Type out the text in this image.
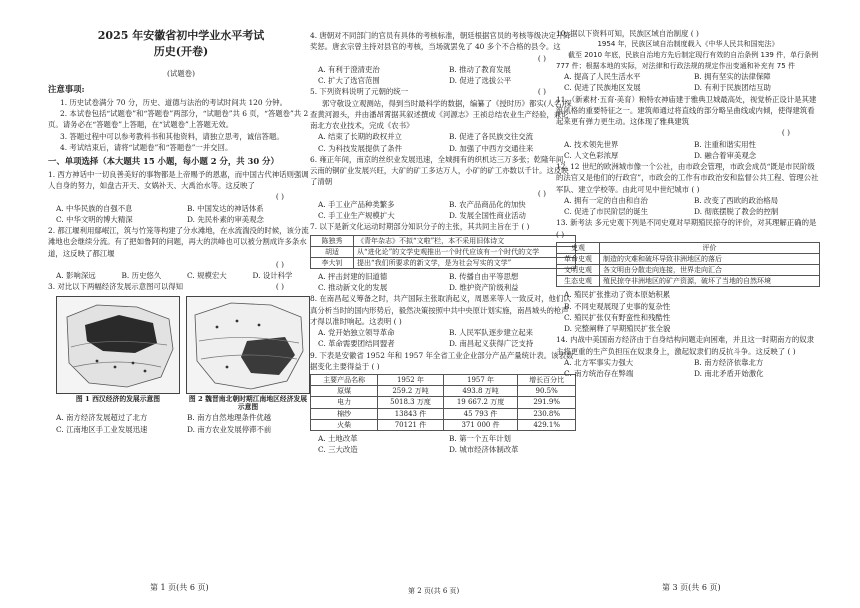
2025 年安徽省初中学业水平考试
历史(开卷)
(试题卷)
注意事项:

1. 历史试卷满分 70 分，历史、道德与法治的考试时间共 120 分钟。

2. 本试卷包括“试题卷”和“答题卷”两部分，“试题卷”共 6 页，“答题卷”共 2 页。请务必在“答题卷”上答题，在“试题卷”上答题无效。

3. 答题过程中可以参考教科书和其他资料，请独立思考，诚信答题。

4. 考试结束后，请将“试题卷”和“答题卷”一并交回。

一、单项选择（本大题共 15 小题，每小题 2 分，共 30 分）

1. 西方神话中一切良善美好的事物都是上帝赐予的恩惠，而中国古代神话则强调人自身的努力，如盘古开天、女娲补天、大禹治水等。这反映了

( )

A. 中华民族的自强不息	B. 中国发达的神话体系
C. 中华文明的博大精深	D. 先民朴素的审美观念

2. 都江堰利用鄢岷江，筑与竹笼等构建了分水滩地，在水流湍没的时候，该分流滩地也会继续分流。有了把如鲁阿的问题，再大的洪峰也可以被分割成许多条水道，这反映了都江堰

( )

A. 影响深远	B. 历史悠久	C. 规模宏大	D. 设计科学

3. 对比以下两幅经济发展示意图可以得知	( )

图 1 西汉经济的发展示意图	图 2 魏晋南北朝时期江南地区经济发展示意图
A. 南方经济发展超过了北方	B. 南方自然地理条件优越
C. 江南地区手工业发展迅速	D. 南方农业发展停滞不前
第 1 页(共 6 页)

4. 唐朝对不同部门的官员有具体的考核标准，朝廷根据官员的考核等级决定升降奖惩。唐玄宗曾主持对县官的考核，当场就罢免了 40 多个不合格的县令。这

( )

A. 有利于澄清吏治	B. 推动了教育发展
C. 扩大了选官范围	D. 促进了选拔公平

5. 下列资料说明了元朝的统一	( )

郭守敬设立观测站，得到当时最科学的数据，编纂了《授时历》都实(人名)探查黄河源头，并由潘昂霄据其叙述撰成《河源志》王祯总结农业生产经验，兼论南北方农业技术，完成《农书》

A. 结束了长期的政权并立	B. 促进了各民族交往交流
C. 为科技发展提供了条件	D. 加强了中西方交通往来

6. 雍正年间，南京的丝织业发展迅速，全城拥有的织机达三万多张；乾隆年间，云南的铜矿业发展兴旺，大矿的矿工多达万人，小矿的矿工亦数以千计。这反映了清朝

( )

A. 手工业产品种类繁多	B. 农产品商品化的加快
C. 手工业生产规模扩大	D. 发展全国性商业活动

7. 以下是新文化运动时期部分知识分子的主张，其共同主旨在于 ( )

陈独秀	《青年杂志》不拟“文啦”栏，本不采用旧体诗文
胡适	从“进化论”的文学史观推出一个时代应该有一个时代的文学
李大钊	提出“我们所要求的新文学，是为社会写实的文学”
A. 抨击封建的旧道德	B. 传播自由平等思想
C. 推动新文化的发展	D. 维护资产阶级利益

8. 在南昌起义筹备之时，共产国际主张取消起义，周恩来等人一致反对，他们认真分析当时的国内形势后，毅然决策按照中共中央原计划实施，南昌城头的枪声才得以准时响起。这表明 ( )

A. 党开始独立领导革命	B. 人民军队逐步建立起来
C. 革命需要团结同盟者	D. 南昌起义获得广泛支持

9. 下表是安徽省 1952 年和 1957 年全省工业企业部分产品产量统计表。该表数据变化主要得益于 ( )

主要产品名称	1952 年	1957 年	增长百分比
原煤	259.2 万吨	493.8 万吨	90.5%
电力	5018.3 万度	19 667.2 万度	291.9%
棉纱	13843 件	45 793 件	230.8%
火柴	70121 件	371 000 件	429.1%
A. 土地改革	B. 第一个五年计划
C. 三大改造	D. 城市经济体制改革
第 2 页(共 6 页)

10. 据以下资料可知，民族区域自治制度 ( )

1954 年，民族区域自治制度载入《中华人民共和国宪法》

截至 2010 年底，民族自治地方先后制定现行有效的自治条例 139 件，单行条例 777 件；根据本地的实际，对法律和行政法规的规定作出变通和补充有 75 件

A. 提高了人民生活水平	B. 拥有坚实的法律保障
C. 促进了民族地区发展	D. 有利于民族团结互助

11.（新素材·五育·美育）粮特农神庙建于雅典卫城最高处，视觉桥正设计是其建筑风格的重要特征之一。建筑师通过将直线的部分略呈曲线或内倾，使得建筑看起来更有弹力更生动。这体现了雅典建筑

( )

A. 技术领先世界	B. 注重和谐实用性
C. 人文色彩浓厚	D. 融合着审美观念

12. 12 世纪的欧洲城市像一个公社，由市政会管理，市政会成员“既是市民阶级的法官又是他们的行政官”，市政会的工作有市政治安和监督公共工程、管理公社军队、建立学校等。由此可见中世纪城市 ( )

A. 拥有一定的自由和自治	B. 改变了西欧的政治格局
C. 促进了市民阶层的诞生	D. 彻底摆脱了教会的控制

13. 新考法 多元史观下列是不同史观对早期殖民掠夺的评价，对其理解正确的是 ( )

史观	评价
革命史观	制造的灾难和破坏导致非洲地区的落后
文明史观	各文明由分散走向连接，世界走向汇合
生态史观	殖民掠夺非洲地区的矿产资源，破坏了当地的自然环境

A. 殖民扩张推动了资本原始积累

B. 不同史观展现了史事的复杂性

C. 殖民扩张仅有野蛮性和残酷性

D. 完整阐释了早期殖民扩张全貌

14. 内战中美国南方经济由于自身结构问题走向困难，并且这一时期南方的奴隶主将更重的生产负担压在奴隶身上，激起奴隶们的反抗斗争。这反映了 ( )

A. 北方军事实力强大	B. 南方经济依靠北方
C. 南方统治存在弊端	D. 南北矛盾开始激化
第 3 页(共 6 页)
